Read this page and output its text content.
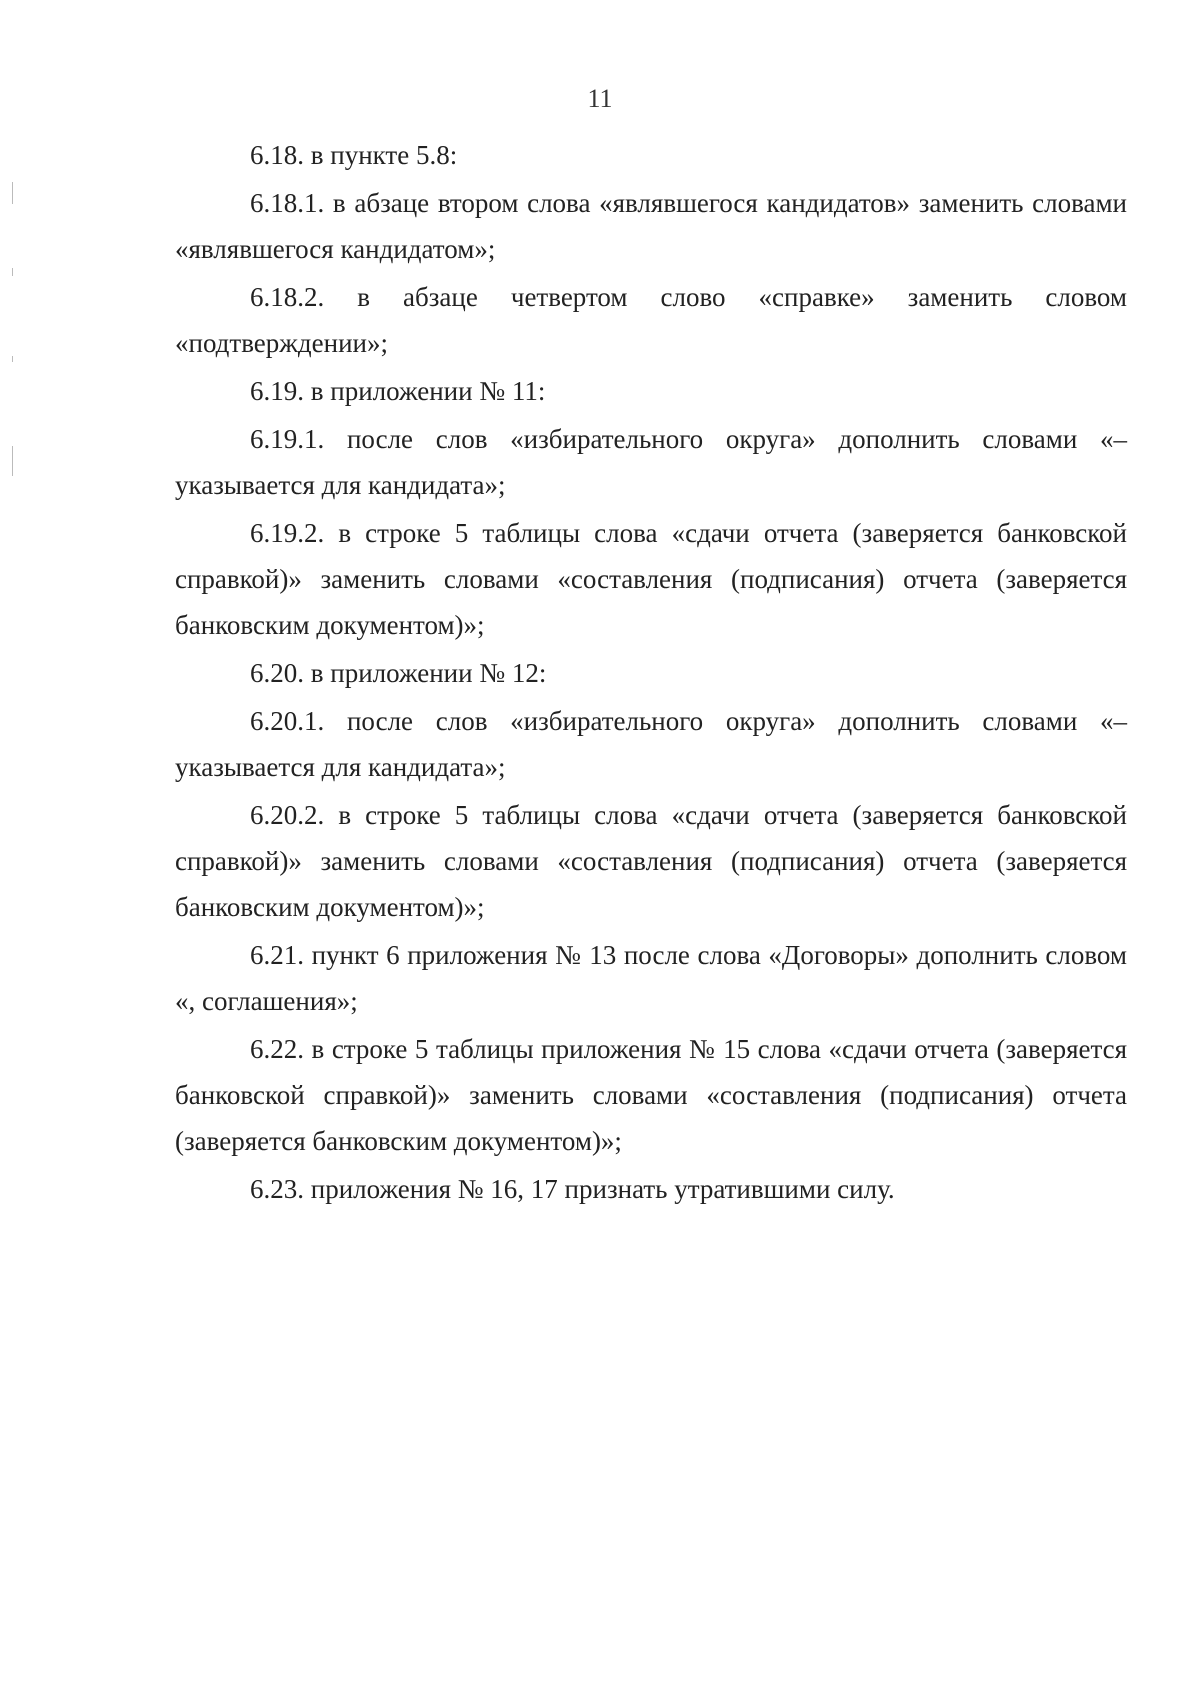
11

6.18. в пункте 5.8:

6.18.1. в абзаце втором слова «являвшегося кандидатов» заменить словами «являвшегося кандидатом»;

6.18.2. в абзаце четвертом слово «справке» заменить словом «подтверждении»;

6.19. в приложении № 11:

6.19.1. после слов «избирательного округа» дополнить словами «– указывается для кандидата»;

6.19.2. в строке 5 таблицы слова «сдачи отчета (заверяется банковской справкой)» заменить словами «составления (подписания) отчета (заверяется банковским документом)»;

6.20. в приложении № 12:

6.20.1. после слов «избирательного округа» дополнить словами «– указывается для кандидата»;

6.20.2. в строке 5 таблицы слова «сдачи отчета (заверяется банковской справкой)» заменить словами «составления (подписания) отчета (заверяется банковским документом)»;

6.21. пункт 6 приложения № 13 после слова «Договоры» дополнить словом «, соглашения»;

6.22. в строке 5 таблицы приложения № 15 слова «сдачи отчета (заверяется банковской справкой)» заменить словами «составления (подписания) отчета (заверяется банковским документом)»;

6.23. приложения № 16, 17 признать утратившими силу.
